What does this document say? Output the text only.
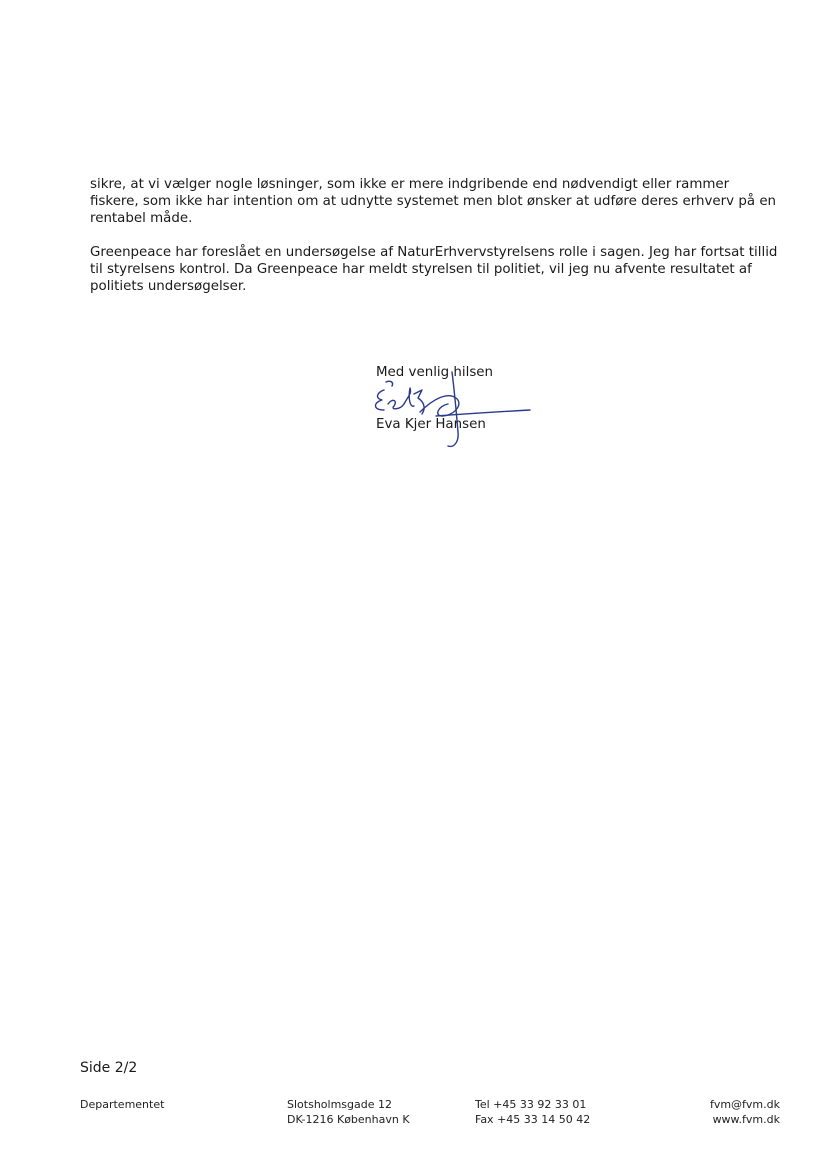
sikre, at vi vælger nogle løsninger, som ikke er mere indgribende end nødvendigt eller rammer fiskere, som ikke har intention om at udnytte systemet men blot ønsker at udføre deres erhverv på en rentabel måde.

Greenpeace har foreslået en undersøgelse af NaturErhvervstyrelsens rolle i sagen. Jeg har fortsat tillid til styrelsens kontrol. Da Greenpeace har meldt styrelsen til politiet, vil jeg nu afvente resultatet af politiets undersøgelser.

Med venlig hilsen
Eva Kjer Hansen
Side 2/2
Departementet	Slotsholmsgade 12
DK-1216 København K
Tel +45 33 92 33 01
Fax +45 33 14 50 42
fvm@fvm.dk
www.fvm.dk
